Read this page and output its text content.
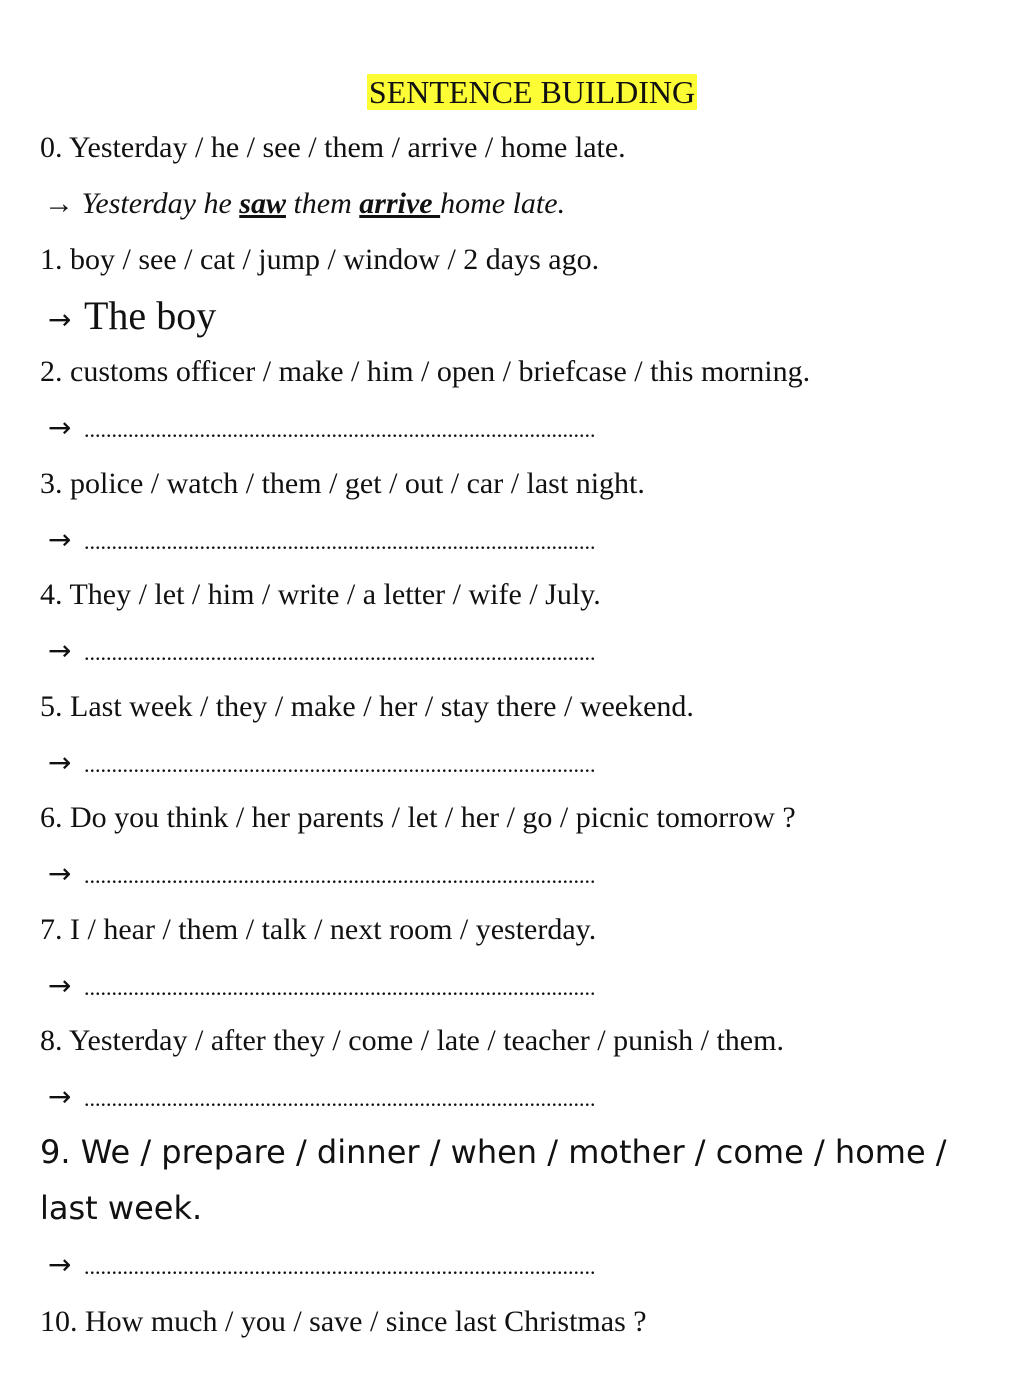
SENTENCE BUILDING
0. Yesterday / he / see / them / arrive / home late.
→ Yesterday he saw them arrive home late.
1. boy / see / cat / jump / window / 2 days ago.
→ The boy
2. customs officer / make / him / open / briefcase / this morning.
→ .............................................................................................
3. police / watch / them / get / out / car / last night.
→ .............................................................................................
4. They / let / him / write / a letter / wife / July.
→ .............................................................................................
5. Last week / they / make / her / stay there / weekend.
→ .............................................................................................
6. Do you think / her parents / let / her / go / picnic tomorrow ?
→ .............................................................................................
7. I / hear / them / talk / next room / yesterday.
→ .............................................................................................
8. Yesterday / after they / come / late / teacher / punish / them.
→ .............................................................................................
9. We / prepare / dinner / when / mother / come / home /
last week.
→ .............................................................................................
10. How much / you / save / since last Christmas ?
